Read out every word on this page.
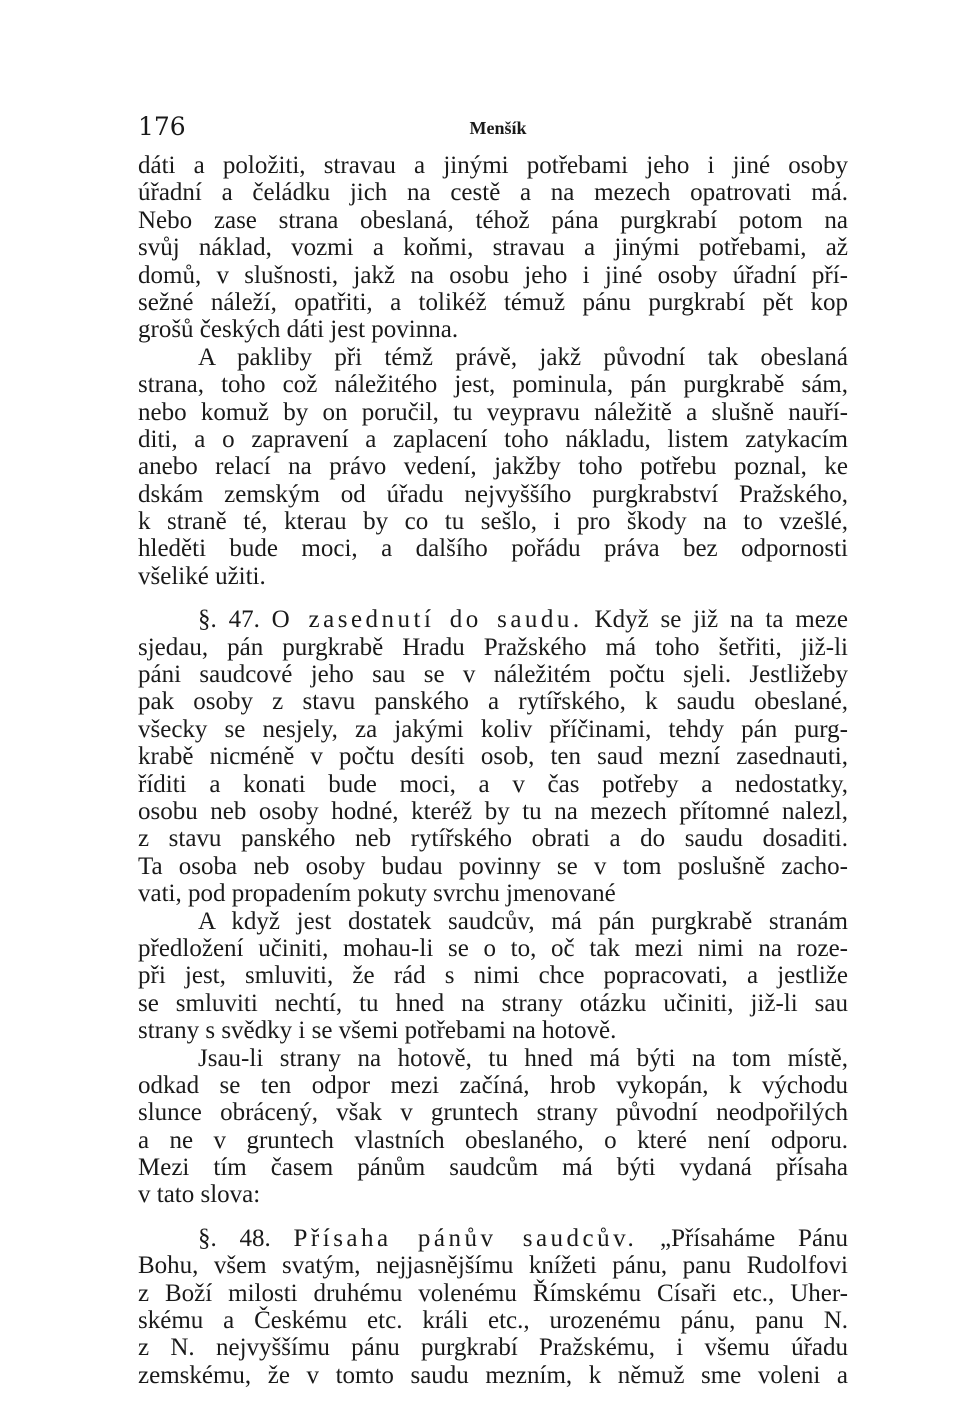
176	Menšík
dáti a položiti, stravau a jinými potřebami jeho i jiné osoby
úřadní a čeládku jich na cestě a na mezech opatrovati má.
Nebo zase strana obeslaná, téhož pána purgkrabí potom na
svůj náklad, vozmi a koňmi, stravau a jinými potřebami, až
domů, v slušnosti, jakž na osobu jeho i jiné osoby úřadní pří-
sežné náleží, opatřiti, a tolikéž témuž pánu purgkrabí pět kop
grošů českých dáti jest povinna.
A pakliby při témž právě, jakž původní tak obeslaná
strana, toho což náležitého jest, pominula, pán purgkrabě sám,
nebo komuž by on poručil, tu veypravu náležitě a slušně nauří-
diti, a o zapravení a zaplacení toho nákladu, listem zatykacím
anebo relací na právo vedení, jakžby toho potřebu poznal, ke
dskám zemským od úřadu nejvyššího purgkrabství Pražského,
k straně té, kterau by co tu sešlo, i pro škody na to vzešlé,
hleděti bude moci, a dalšího pořádu práva bez odpornosti
všeliké užiti.
§. 47. O zasednutí do saudu. Když se již na ta meze
sjedau, pán purgkrabě Hradu Pražského má toho šetřiti, již-li
páni saudcové jeho sau se v náležitém počtu sjeli. Jestližeby
pak osoby z stavu panského a rytířského, k saudu obeslané,
všecky se nesjely, za jakými koliv příčinami, tehdy pán purg-
krabě nicméně v počtu desíti osob, ten saud mezní zasednauti,
říditi a konati bude moci, a v čas potřeby a nedostatky,
osobu neb osoby hodné, kteréž by tu na mezech přítomné nalezl,
z stavu panského neb rytířského obrati a do saudu dosaditi.
Ta osoba neb osoby budau povinny se v tom poslušně zacho-
vati, pod propadením pokuty svrchu jmenované
A když jest dostatek saudcův, má pán purgkrabě stranám
předložení učiniti, mohau-li se o to, oč tak mezi nimi na roze-
při jest, smluviti, že rád s nimi chce popracovati, a jestliže
se smluviti nechtí, tu hned na strany otázku učiniti, již-li sau
strany s svědky i se všemi potřebami na hotově.
Jsau-li strany na hotově, tu hned má býti na tom místě,
odkad se ten odpor mezi začíná, hrob vykopán, k východu
slunce obrácený, však v gruntech strany původní neodpořilých
a ne v gruntech vlastních obeslaného, o které není odporu.
Mezi tím časem pánům saudcům má býti vydaná přísaha
v tato slova:
§. 48. Přísaha pánův saudcův. „Přísaháme Pánu
Bohu, všem svatým, nejjasnějšímu knížeti pánu, panu Rudolfovi
z Boží milosti druhému volenému Římskému Císaři etc., Uher-
skému a Českému etc. králi etc., urozenému pánu, panu N.
z N. nejvyššímu pánu purgkrabí Pražskému, i všemu úřadu
zemskému, že v tomto saudu mezním, k němuž sme voleni a
